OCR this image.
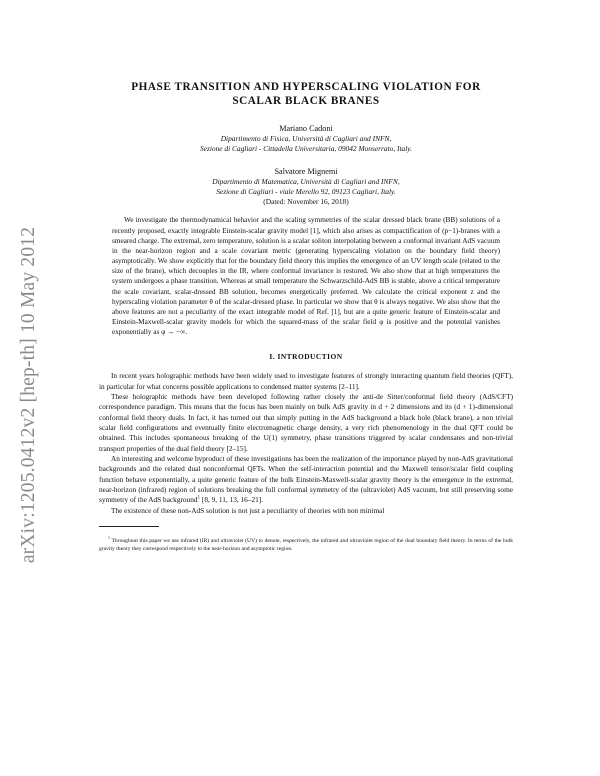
arXiv:1205.0412v2 [hep-th] 10 May 2012
PHASE TRANSITION AND HYPERSCALING VIOLATION FOR
SCALAR BLACK BRANES
Mariano Cadoni
Dipartimento di Fisica, Università di Cagliari and INFN,
Sezione di Cagliari - Cittadella Universitaria, 09042 Monserrato, Italy.
Salvatore Mignemi
Dipartimento di Matematica, Università di Cagliari and INFN,
Sezione di Cagliari - viale Merello 92, 09123 Cagliari, Italy.
(Dated: November 16, 2018)

We investigate the thermodynamical behavior and the scaling symmetries of the scalar dressed black brane (BB) solutions of a recently proposed, exactly integrable Einstein-scalar gravity model [1], which also arises as compactification of (p−1)-branes with a smeared charge. The extremal, zero temperature, solution is a scalar soliton interpolating between a conformal invariant AdS vacuum in the near-horizon region and a scale covariant metric (generating hyperscaling violation on the boundary field theory) asymptotically. We show explicitly that for the boundary field theory this implies the emergence of an UV length scale (related to the size of the brane), which decouples in the IR, where conformal invariance is restored. We also show that at high temperatures the system undergoes a phase transition. Whereas at small temperature the Schwarzschild-AdS BB is stable, above a critical temperature the scale covariant, scalar-dressed BB solution, becomes energetically preferred. We calculate the critical exponent z and the hyperscaling violation parameter θ of the scalar-dressed phase. In particular we show that θ is always negative. We also show that the above features are not a peculiarity of the exact integrable model of Ref. [1], but are a quite generic feature of Einstein-scalar and Einstein-Maxwell-scalar gravity models for which the squared-mass of the scalar field φ is positive and the potential vanishes exponentially as φ → −∞.

I. INTRODUCTION

In recent years holographic methods have been widely used to investigate features of strongly interacting quantum field theories (QFT), in particular for what concerns possible applications to condensed matter systems [2–11].

These holographic methods have been developed following rather closely the anti-de Sitter/conformal field theory (AdS/CFT) correspondence paradigm. This means that the focus has been mainly on bulk AdS gravity in d + 2 dimensions and its (d + 1)-dimensional conformal field theory duals. In fact, it has turned out that simply putting in the AdS background a black hole (black brane), a non trivial scalar field configurations and eventually finite electromagnetic charge density, a very rich phenomenology in the dual QFT could be obtained. This includes spontaneous breaking of the U(1) symmetry, phase transitions triggered by scalar condensates and non-trivial transport properties of the dual field theory [2–15].

An interesting and welcome byproduct of these investigations has been the realization of the importance played by non-AdS gravitational backgrounds and the related dual nonconformal QFTs. When the self-interaction potential and the Maxwell tensor/scalar field coupling function behave exponentially, a quite generic feature of the bulk Einstein-Maxwell-scalar gravity theory is the emergence in the extremal, near-horizon (infrared) region of solutions breaking the full conformal symmetry of the (ultraviolet) AdS vacuum, but still preserving some symmetry of the AdS background$^1$ [8, 9, 11, 13, 16–21].

The existence of these non-AdS solution is not just a peculiarity of theories with non minimal

$^1$ Throughout this paper we use infrared (IR) and ultraviolet (UV) to denote, respectively, the infrared and ultraviolet region of the dual boundary field theory. In terms of the bulk gravity theory they correspond respectively to the near-horizon and asymptotic region.
